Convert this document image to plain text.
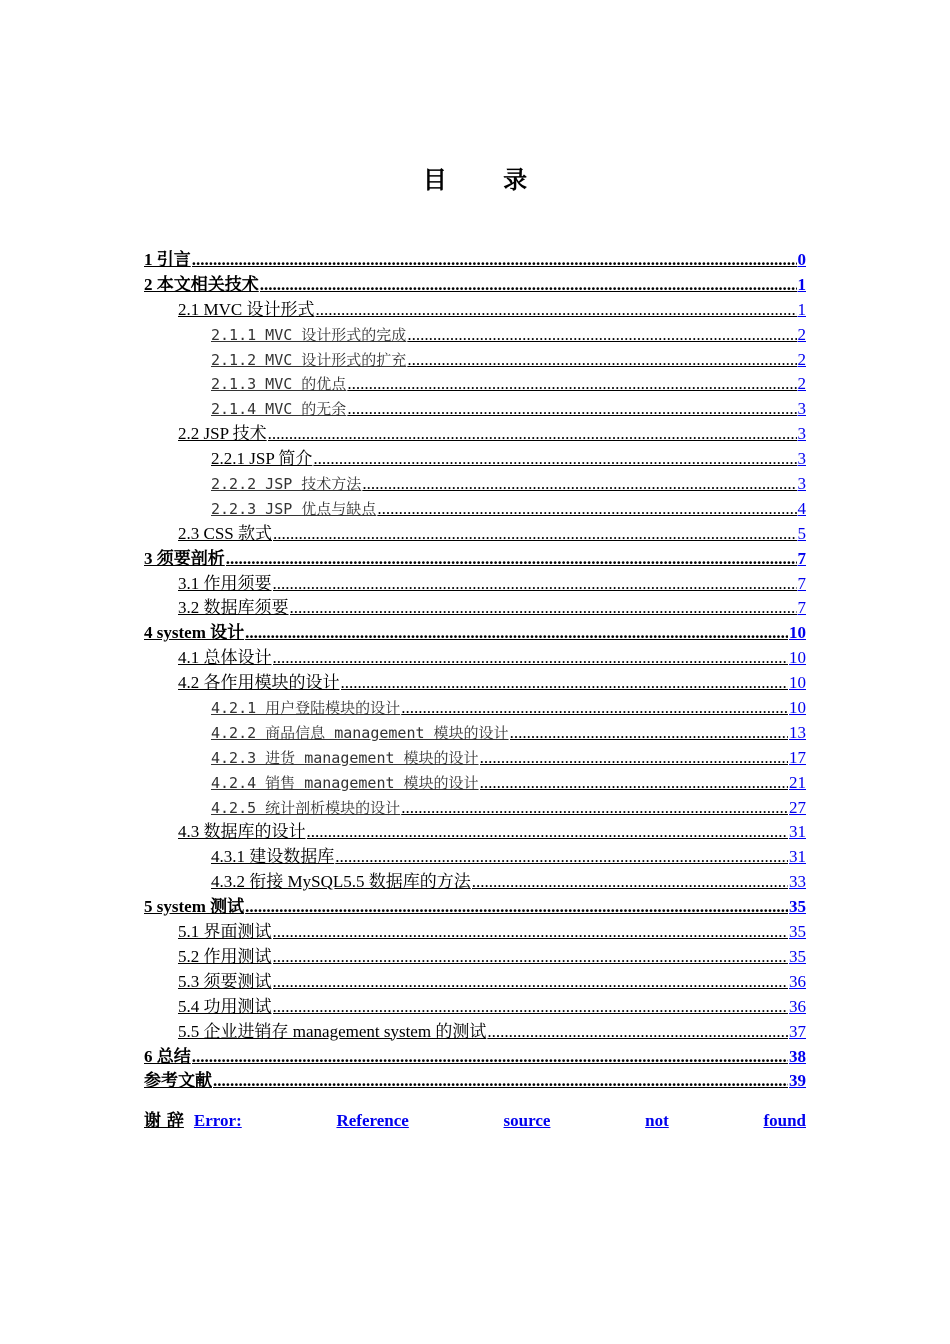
目 录
1 引言 .....	0
2 本文相关技术 .....	1
2.1 MVC 设计形式 .....	1
2.1.1 MVC 设计形式的完成 .....	2
2.1.2 MVC 设计形式的扩充 .....	2
2.1.3 MVC 的优点 .....	2
2.1.4 MVC 的无余 .....	3
2.2 JSP 技术 .....	3
2.2.1 JSP 简介 .....	3
2.2.2 JSP 技术方法 .....	3
2.2.3 JSP 优点与缺点 .....	4
2.3 CSS 款式 .....	5
3 须要剖析 .....	7
3.1 作用须要 .....	7
3.2 数据库须要 .....	7
4 system 设计 .....	10
4.1 总体设计 .....	10
4.2 各作用模块的设计 .....	10
4.2.1 用户登陆模块的设计 .....	10
4.2.2 商品信息 management 模块的设计 .....	13
4.2.3 进货 management 模块的设计 .....	17
4.2.4 销售 management 模块的设计 .....	21
4.2.5 统计剖析模块的设计 .....	27
4.3 数据库的设计 .....	31
4.3.1 建设数据库 .....	31
4.3.2 衔接 MySQL5.5 数据库的方法 .....	33
5 system 测试 .....	35
5.1 界面测试 .....	35
5.2 作用测试 .....	35
5.3 须要测试 .....	36
5.4 功用测试 .....	36
5.5 企业进销存 management system 的测试 .....	37
6 总结 .....	38
参考文献 .....	39
谢 辞 Error:	Reference	source	not	found
